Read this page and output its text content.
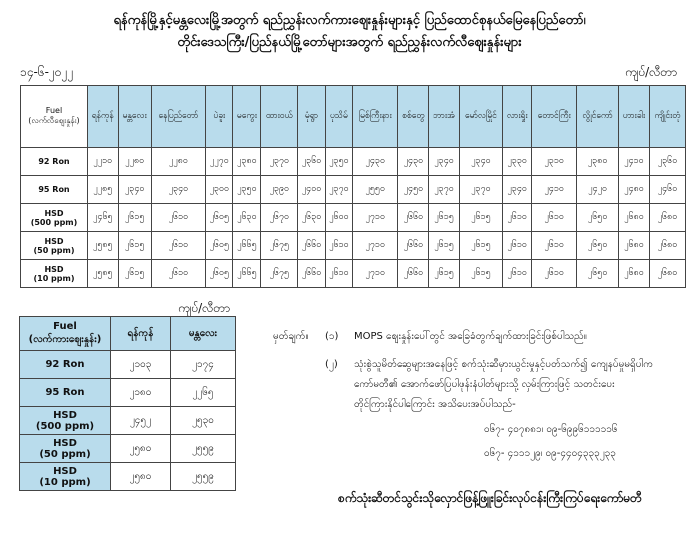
ရန်ကုန်မြို့နှင့်မန္တလေးမြို့အတွက် ရည်ညွှန်းလက်ကားဈေးနှုန်းများနှင့် ပြည်ထောင်စုနယ်မြေနေပြည်တော်၊
တိုင်းဒေသကြီး/ပြည်နယ်မြို့တော်များအတွက် ရည်ညွှန်းလက်လီဈေးနှုန်းများ
၁၄-၆-၂၀၂၂	ကျပ်/လီတာ
Fuel
(လက်လီဈေးနှုန်း)	ရန်ကုန်	မန္တလေး	နေပြည်တော်	ပဲခူး	မကွေး	ထားဝယ်	မုံရွာ	ပုသိမ်	မြစ်ကြီးနား	စစ်တွေ	ဘားအံ	မော်လမြိုင်	လားရှိုး	တောင်ကြီး	လွိုင်ကော်	ဟားခါး	ကျိုင်းတုံ

92 Ron	၂၂၁၀	၂၂၈၀	၂၂၈၀	၂၂၇၀	၂၃၈၀	၂၃၇၀	၂၃၆၀	၂၃၅၀	၂၄၃၀	၂၄၃၀	၂၃၄၀	၂၃၄၀	၂၃၃၀	၂၃၁၀	၂၃၈၀	၂၄၁၀	၂၃၆၀

95 Ron	၂၂၈၅	၂၃၄၀	၂၃၄၀	၂၃၀၀	၂၃၅၀	၂၃၉၀	၂၄၀၀	၂၃၇၀	၂၅၅၀	၂၄၅၀	၂၃၇၀	၂၃၇၀	၂၃၄၀	၂၄၁၀	၂၄၂၀	၂၄၈၀	၂၄၆၀

HSD
(500 ppm)	၂၄၆၅	၂၆၁၅	၂၆၁၀	၂၆၀၅	၂၆၃၀	၂၆၇၀	၂၆၃၀	၂၆၀၀	၂၇၁၀	၂၆၆၀	၂၆၁၅	၂၆၁၅	၂၆၁၀	၂၆၁၀	၂၆၅၀	၂၆၈၀	၂၆၈၀

HSD
(50 ppm)	၂၅၈၅	၂၆၁၅	၂၆၁၀	၂၆၀၅	၂၆၆၅	၂၆၇၅	၂၆၆၀	၂၆၁၀	၂၇၁၀	၂၆၆၀	၂၆၁၅	၂၆၁၅	၂၆၁၀	၂၆၁၀	၂၆၅၀	၂၆၈၀	၂၆၈၀

HSD
(10 ppm)	၂၅၈၅	၂၆၁၅	၂၆၁၀	၂၆၀၅	၂၆၆၅	၂၆၇၅	၂၆၆၀	၂၆၁၀	၂၇၁၀	၂၆၆၀	၂၆၁၅	၂၆၁၅	၂၆၁၀	၂၆၁၀	၂၆၅၀	၂၆၈၀	၂၆၈၀
ကျပ်/လီတာ
Fuel
(လက်ကားဈေးနှုန်း)	ရန်ကုန်	မန္တလေး

92 Ron	၂၁၀၃	၂၁၇၄

95 Ron	၂၁၈၀	၂၂၆၅

HSD
(500 ppm)	၂၄၅၂	၂၅၃၀

HSD
(50 ppm)	၂၅၈၀	၂၅၅၉

HSD
(10 ppm)	၂၅၈၀	၂၅၅၉
မှတ်ချက်။ (၁) MOPS ဈေးနှုန်းပေါ်တွင် အခြေခံတွက်ချက်ထားခြင်းဖြစ်ပါသည်။
(၂) သုံးစွဲသူမိတ်ဆွေများအနေဖြင့် စက်သုံးဆီမှားယွင်းမှုနှင့်ပတ်သက်၍ ကျေနပ်မှုမရှိပါက
ကော်မတီ၏ အောက်ဖော်ပြပါဖုန်းနံပါတ်များသို့ လှမ်းကြားဖြင့် သတင်းပေး
တိုင်ကြားနိုင်ပါကြောင်း အသိပေးအပ်ပါသည်-
၀၆၇- ၄၀၇၈၈၁၊ ၀၉-၆၉၉၆၁၁၁၁၁၆
၀၆၇- ၄၁၁၁၂၉၊ ၀၉-၄၄၀၄၃၃၃၂၃၃
စက်သုံးဆီတင်သွင်းသိုလှောင်ဖြန့်ဖြူးခြင်းလုပ်ငန်းကြီးကြပ်ရေးကော်မတီ
